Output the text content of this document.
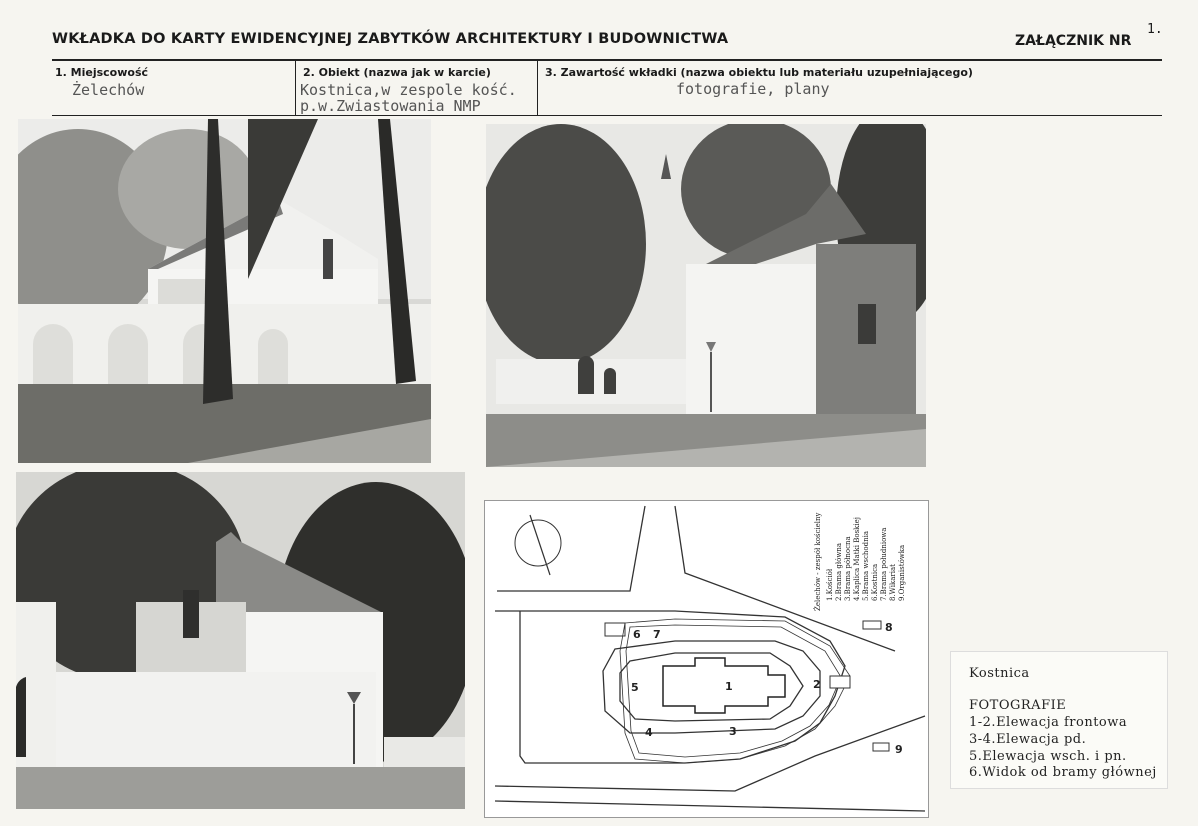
WKŁADKA DO KARTY EWIDENCYJNEJ ZABYTKÓW ARCHITEKTURY I BUDOWNICTWA	ZAŁĄCZNIK NR
1.
1. Miejscowość
Żelechów
2. Obiekt (nazwa jak w karcie)
Kostnica,w zespole kość.
p.w.Zwiastowania NMP
3. Zawartość wkładki (nazwa obiektu lub materiału uzupełniającego)
fotografie, plany
1	2
3
4
5
6 7
8
9
Żelechów - zespół kościelny 1.Kościół 2.Brama główna 3.Brama północna 4.Kaplica Matki Boskiej 5.Brama wschodnia 6.Kostnica 7.Brama południowa 8.Wikariat 9.Organistówka
Kostnica
FOTOGRAFIE
1-2.Elewacja frontowa
3-4.Elewacja pd.
5.Elewacja wsch. i pn.
6.Widok od bramy głównej
